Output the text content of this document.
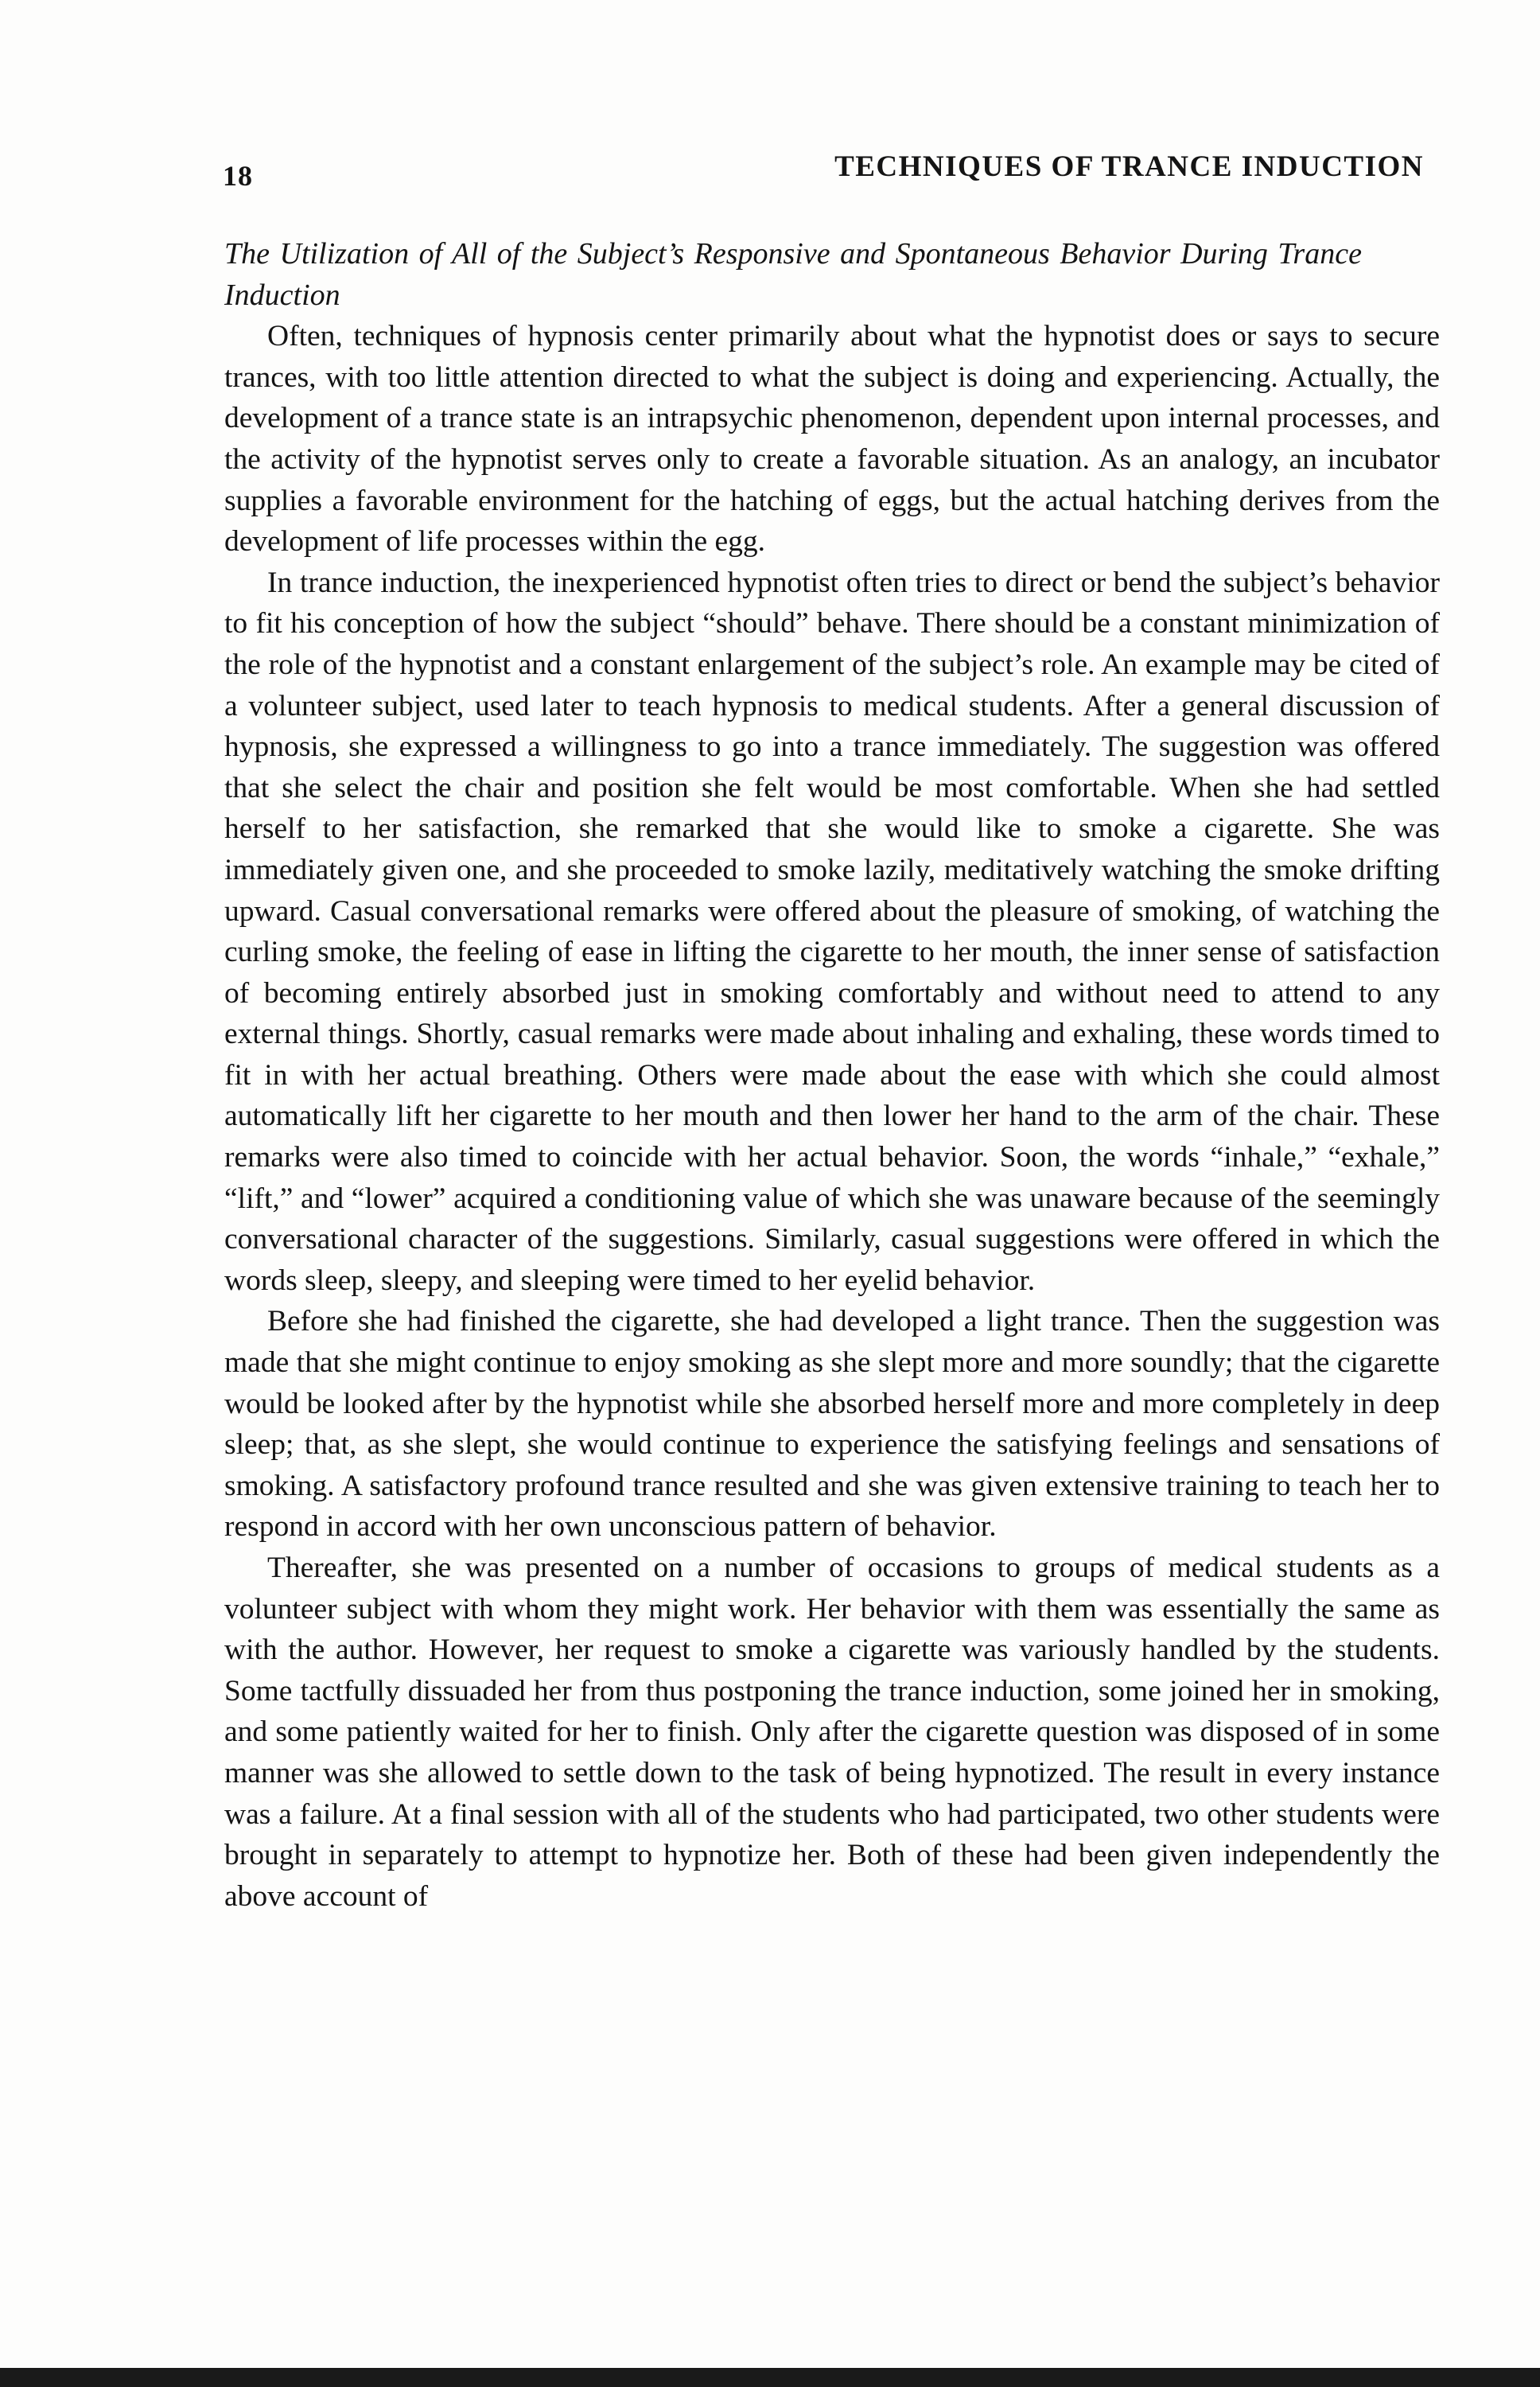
18	TECHNIQUES OF TRANCE INDUCTION
The Utilization of All of the Subject’s Responsive and Spontaneous Behavior During Trance Induction

Often, techniques of hypnosis center primarily about what the hypnotist does or says to secure trances, with too little attention directed to what the subject is doing and experiencing. Actually, the development of a trance state is an intrapsychic phenomenon, dependent upon internal processes, and the activity of the hypnotist serves only to create a favorable situation. As an analogy, an incubator supplies a favorable environment for the hatching of eggs, but the actual hatching derives from the development of life processes within the egg.

In trance induction, the inexperienced hypnotist often tries to direct or bend the subject’s behavior to fit his conception of how the subject “should” behave. There should be a constant minimization of the role of the hypnotist and a constant enlargement of the subject’s role. An example may be cited of a volunteer subject, used later to teach hypnosis to medical students. After a general discussion of hypnosis, she expressed a willingness to go into a trance immediately. The suggestion was offered that she select the chair and position she felt would be most comfortable. When she had settled herself to her satisfaction, she remarked that she would like to smoke a cigarette. She was immediately given one, and she proceeded to smoke lazily, meditatively watching the smoke drifting upward. Casual conversational remarks were offered about the pleasure of smoking, of watching the curling smoke, the feeling of ease in lifting the cigarette to her mouth, the inner sense of satisfaction of becoming entirely absorbed just in smoking comfortably and without need to attend to any external things. Shortly, casual remarks were made about inhaling and exhaling, these words timed to fit in with her actual breathing. Others were made about the ease with which she could almost automatically lift her cigarette to her mouth and then lower her hand to the arm of the chair. These remarks were also timed to coincide with her actual behavior. Soon, the words “inhale,” “exhale,” “lift,” and “lower” acquired a conditioning value of which she was unaware because of the seemingly conversational character of the suggestions. Similarly, casual suggestions were offered in which the words sleep, sleepy, and sleeping were timed to her eyelid behavior.

Before she had finished the cigarette, she had developed a light trance. Then the suggestion was made that she might continue to enjoy smoking as she slept more and more soundly; that the cigarette would be looked after by the hypnotist while she absorbed herself more and more completely in deep sleep; that, as she slept, she would continue to experience the satisfying feelings and sensations of smoking. A satisfactory profound trance resulted and she was given extensive training to teach her to respond in accord with her own unconscious pattern of behavior.

Thereafter, she was presented on a number of occasions to groups of medical students as a volunteer subject with whom they might work. Her behavior with them was essentially the same as with the author. However, her request to smoke a cigarette was variously handled by the students. Some tactfully dissuaded her from thus postponing the trance induction, some joined her in smoking, and some patiently waited for her to finish. Only after the cigarette question was disposed of in some manner was she allowed to settle down to the task of being hypnotized. The result in every instance was a failure. At a final session with all of the students who had participated, two other students were brought in separately to attempt to hypnotize her. Both of these had been given independently the above account of
